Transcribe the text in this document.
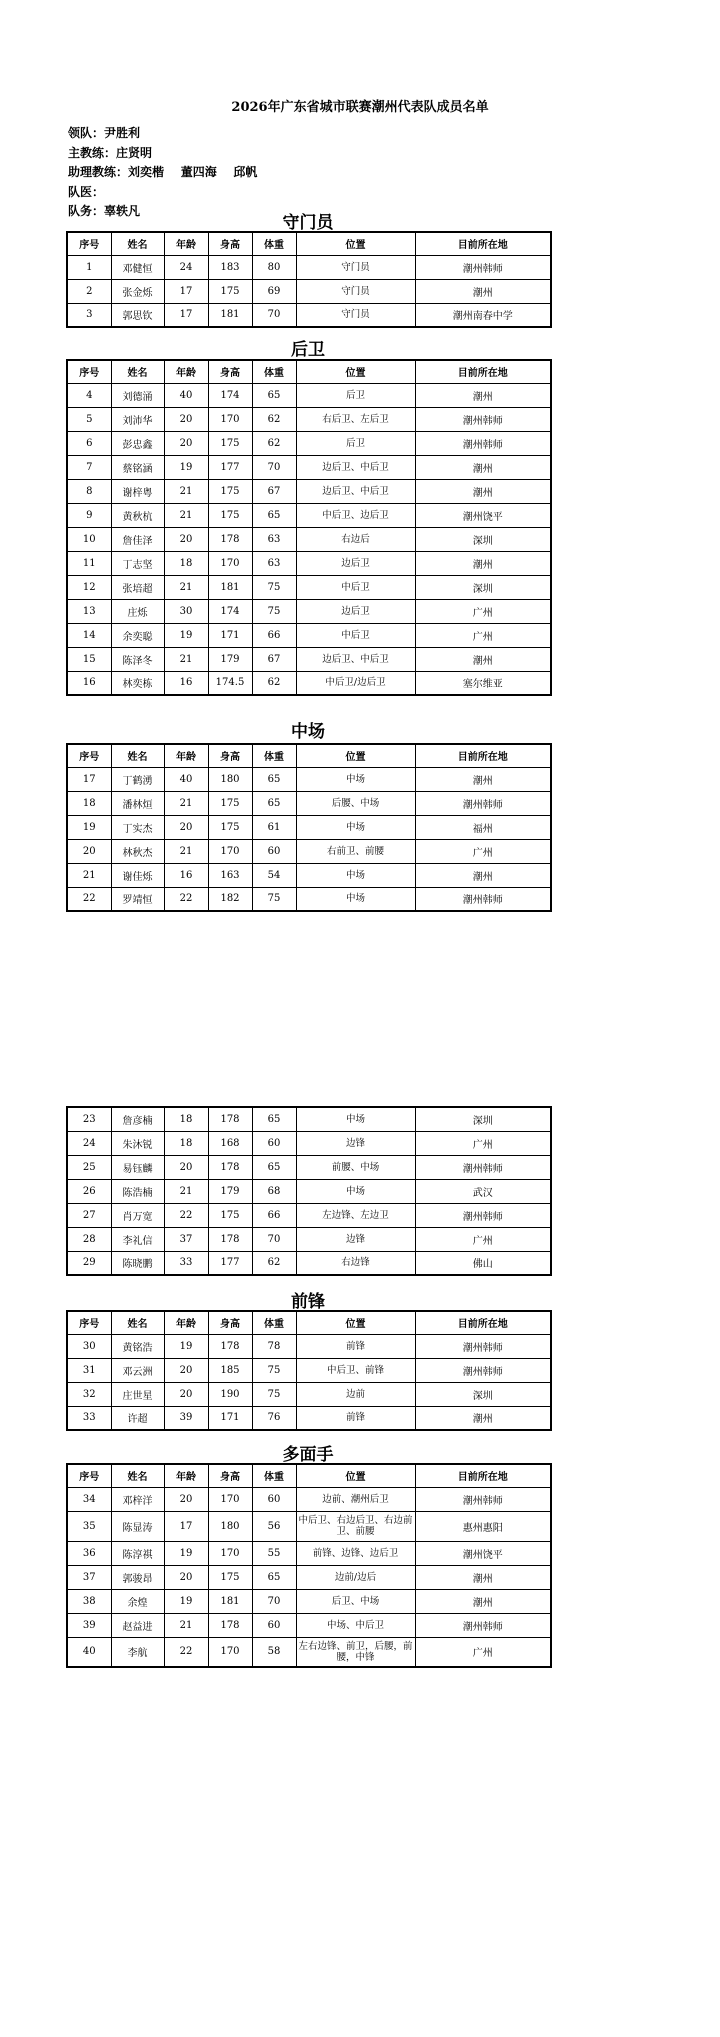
2026年广东省城市联赛潮州代表队成员名单
领队：尹胜利
主教练：庄贤明
助理教练：刘奕楷    董四海    邱帆
队医：
队务：辜轶凡
守门员
序号	姓名	年龄	身高	体重	位置	目前所在地
1	邓健恒	24	183	80	守门员	潮州韩师
2	张金烁	17	175	69	守门员	潮州
3	郭思钦	17	181	70	守门员	潮州南春中学
后卫
序号	姓名	年龄	身高	体重	位置	目前所在地
4	刘德涌	40	174	65	后卫	潮州
5	刘沛华	20	170	62	右后卫、左后卫	潮州韩师
6	彭忠鑫	20	175	62	后卫	潮州韩师
7	蔡铭涵	19	177	70	边后卫、中后卫	潮州
8	谢梓粤	21	175	67	边后卫、中后卫	潮州
9	黄秋杭	21	175	65	中后卫、边后卫	潮州饶平
10	詹佳泽	20	178	63	右边后	深圳
11	丁志坚	18	170	63	边后卫	潮州
12	张培超	21	181	75	中后卫	深圳
13	庄烁	30	174	75	边后卫	广州
14	余奕聪	19	171	66	中后卫	广州
15	陈泽冬	21	179	67	边后卫、中后卫	潮州
16	林奕栋	16	174.5	62	中后卫/边后卫	塞尔维亚
中场
序号	姓名	年龄	身高	体重	位置	目前所在地
17	丁鹤湧	40	180	65	中场	潮州
18	潘林烜	21	175	65	后腰、中场	潮州韩师
19	丁实杰	20	175	61	中场	福州
20	林秋杰	21	170	60	右前卫、前腰	广州
21	谢佳烁	16	163	54	中场	潮州
22	罗靖恒	22	182	75	中场	潮州韩师
23	詹彦楠	18	178	65	中场	深圳
24	朱沐锐	18	168	60	边锋	广州
25	易钰麟	20	178	65	前腰、中场	潮州韩师
26	陈浩楠	21	179	68	中场	武汉
27	肖万宽	22	175	66	左边锋、左边卫	潮州韩师
28	李礼信	37	178	70	边锋	广州
29	陈晓鹏	33	177	62	右边锋	佛山
前锋
序号	姓名	年龄	身高	体重	位置	目前所在地
30	黄铭浩	19	178	78	前锋	潮州韩师
31	邓云洲	20	185	75	中后卫、前锋	潮州韩师
32	庄世星	20	190	75	边前	深圳
33	许超	39	171	76	前锋	潮州
多面手
序号	姓名	年龄	身高	体重	位置	目前所在地
34	邓梓洋	20	170	60	边前、潮州后卫	潮州韩师
35	陈显涛	17	180	56	中后卫、右边后卫、右边前卫、前腰	惠州惠阳
36	陈淳祺	19	170	55	前锋、边锋、边后卫	潮州饶平
37	郭骏昂	20	175	65	边前/边后	潮州
38	余煌	19	181	70	后卫、中场	潮州
39	赵益进	21	178	60	中场、中后卫	潮州韩师
40	李航	22	170	58	左右边锋、前卫，后腰，前腰，中锋	广州
